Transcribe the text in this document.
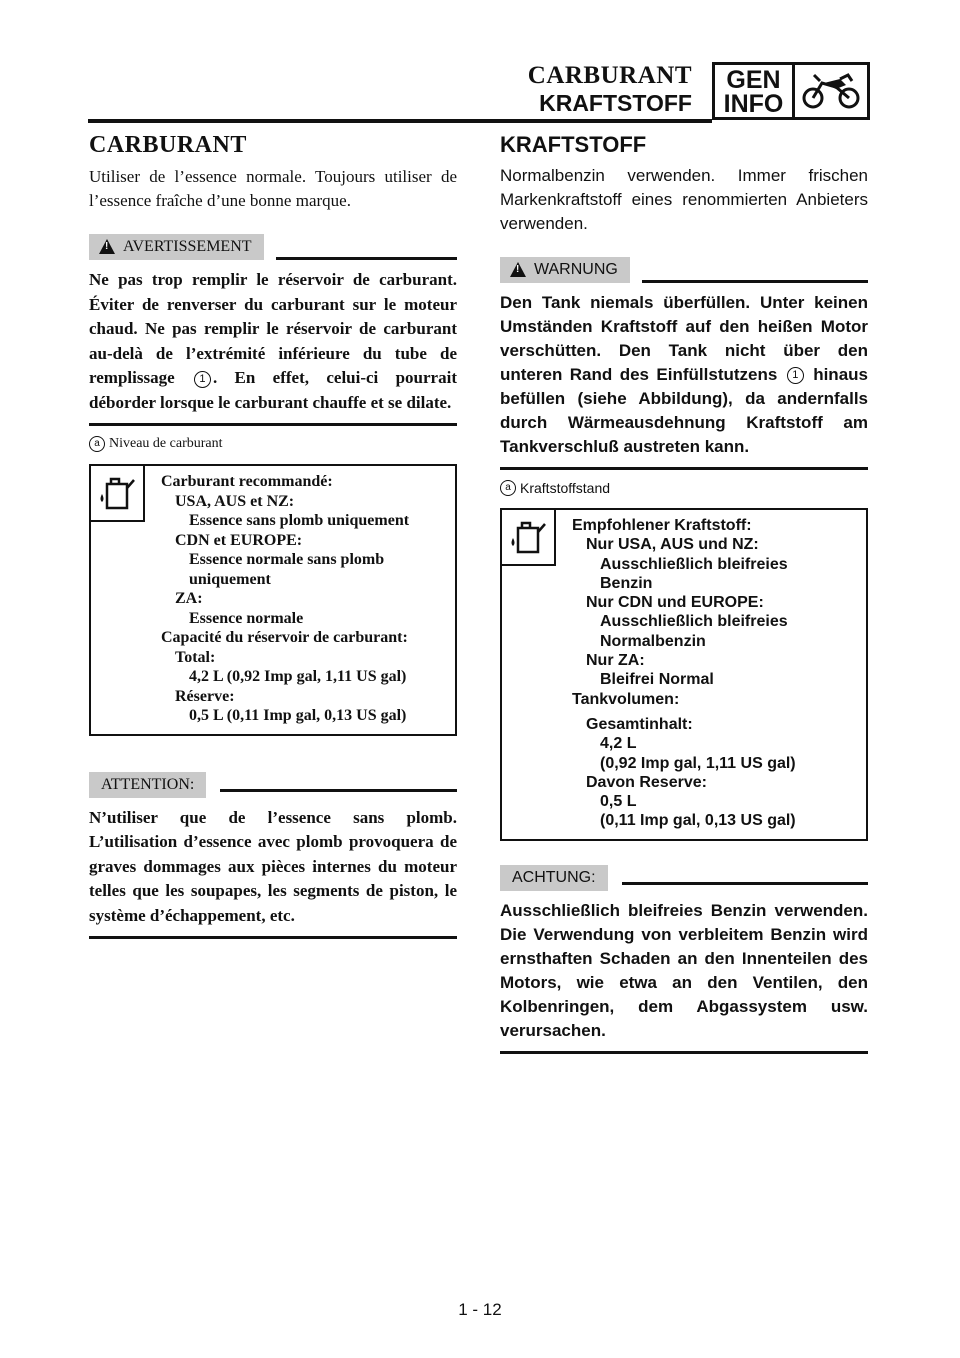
CARBURANT
KRAFTSTOFF
GEN
INFO
CARBURANT

Utiliser de l’essence normale. Toujours utiliser de l’essence fraîche d’une bonne marque.

!
AVERTISSEMENT

Ne pas trop remplir le réservoir de carburant. Éviter de renverser du carburant sur le moteur chaud. Ne pas remplir le réservoir de carburant au-delà de l’extrémité inférieure du tube de remplissage 1 . En effet, celui-ci pourrait déborder lorsque le carburant chauffe et se dilate.

a Niveau de carburant
Carburant recommandé:
USA, AUS et NZ:
Essence sans plomb uniquement
CDN et EUROPE:
Essence normale sans plomb
uniquement
ZA:
Essence normale
Capacité du réservoir de carburant:
Total:
4,2 L (0,92 Imp gal, 1,11 US gal)
Réserve:
0,5 L (0,11 Imp gal, 0,13 US gal)
ATTENTION:

N’utiliser que de l’essence sans plomb. L’utilisation d’essence avec plomb provoquera de graves dommages aux pièces internes du moteur telles que les soupapes, les segments de piston, le système d’échappement, etc.

KRAFTSTOFF

Normalbenzin verwenden. Immer frischen Markenkraftstoff eines renommierten Anbieters verwenden.

!
WARNUNG

Den Tank niemals überfüllen. Unter keinen Umständen Kraftstoff auf den heißen Motor verschütten. Den Tank nicht über den unteren Rand des Einfüllstutzens 1 hinaus befüllen (siehe Abbildung), da andernfalls durch Wärmeausdehnung Kraftstoff am Tankverschluß austreten kann.

a Kraftstoffstand
Empfohlener Kraftstoff:
Nur USA, AUS und NZ:
Ausschließlich bleifreies
Benzin
Nur CDN und EUROPE:
Ausschließlich bleifreies
Normalbenzin
Nur ZA:
Bleifrei Normal
Tankvolumen:
Gesamtinhalt:
4,2 L
(0,92 Imp gal, 1,11 US gal)
Davon Reserve:
0,5 L
(0,11 Imp gal, 0,13 US gal)
ACHTUNG:

Ausschließlich bleifreies Benzin verwenden. Die Verwendung von verbleitem Benzin wird ernsthaften Schaden an den Innenteilen des Motors, wie etwa an den Ventilen, den Kolbenringen, dem Abgassystem usw. verursachen.

1 - 12
